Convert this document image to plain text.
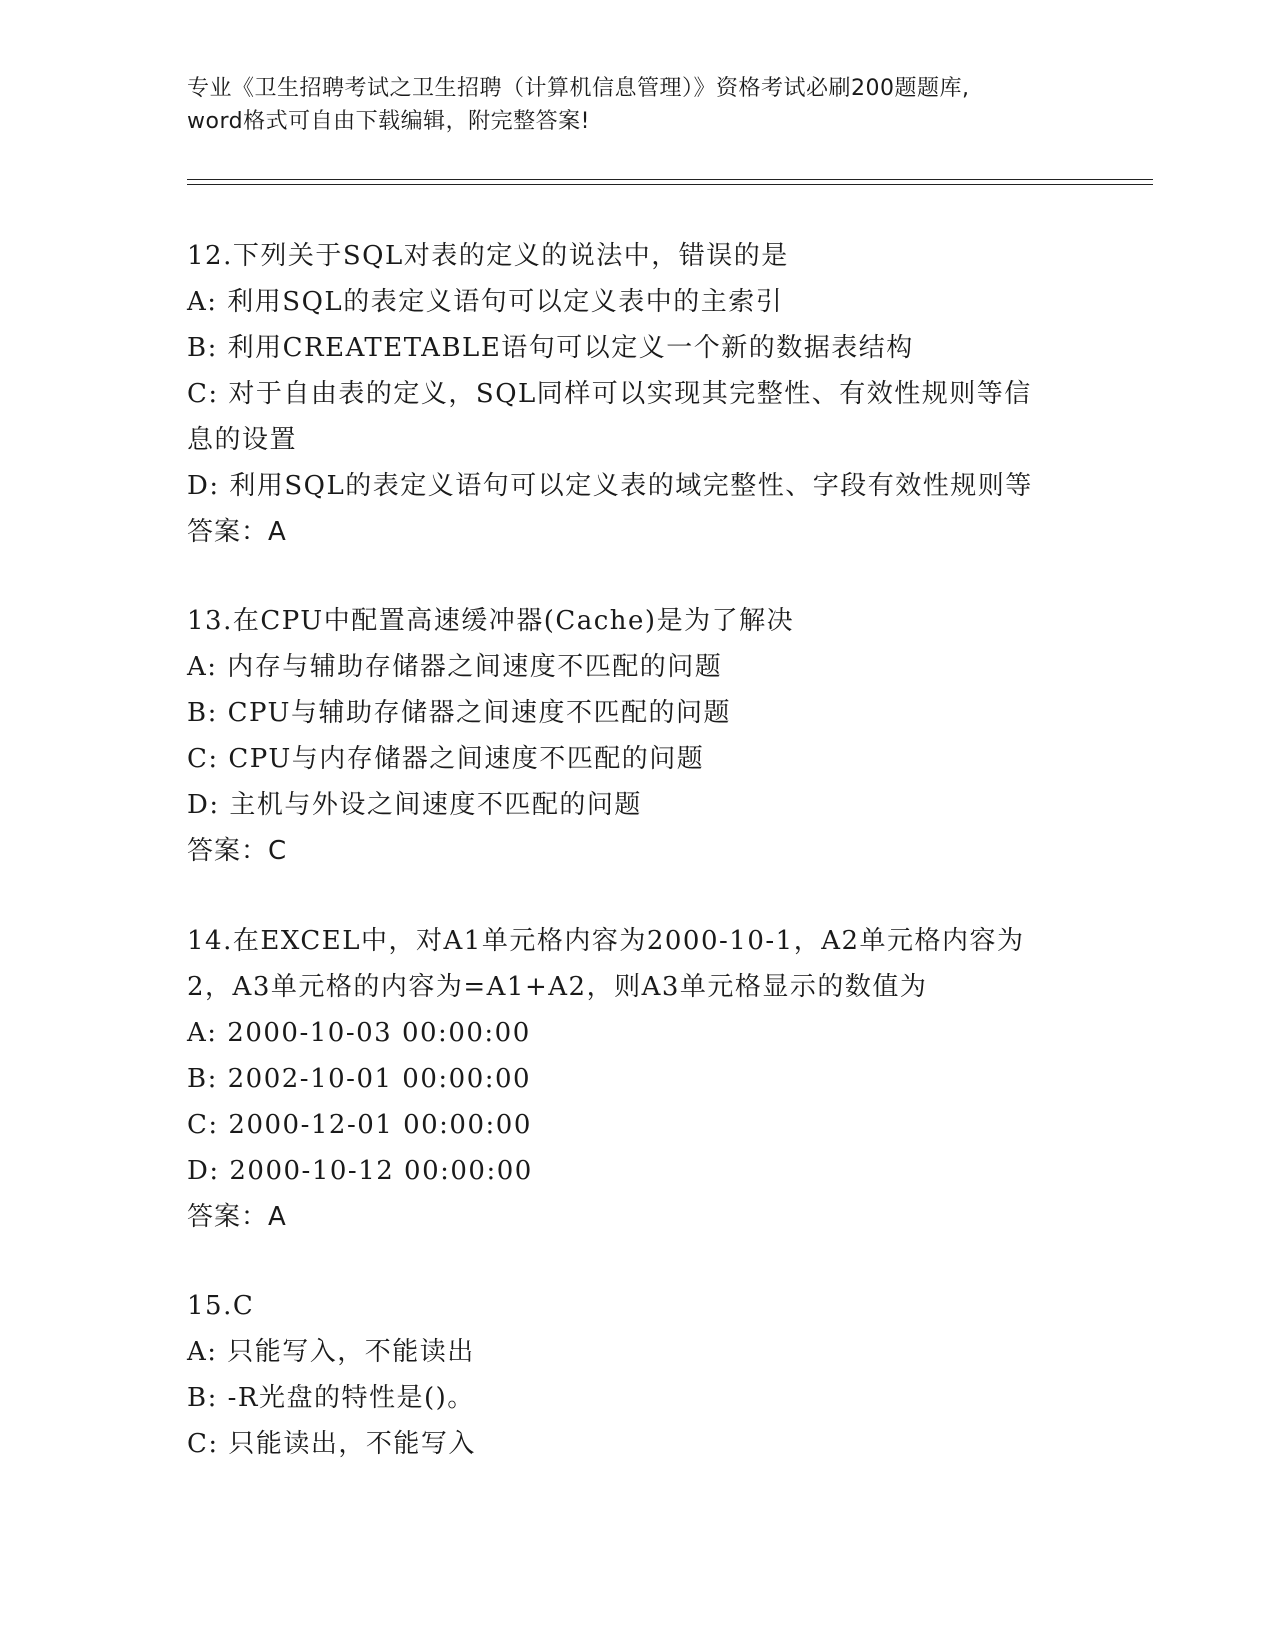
专业《卫生招聘考试之卫生招聘（计算机信息管理）》资格考试必刷200题题库,
word格式可自由下载编辑，附完整答案!
12.下列关于SQL对表的定义的说法中，错误的是
A: 利用SQL的表定义语句可以定义表中的主索引
B: 利用CREATETABLE语句可以定义一个新的数据表结构
C: 对于自由表的定义，SQL同样可以实现其完整性、有效性规则等信息的设置
D: 利用SQL的表定义语句可以定义表的域完整性、字段有效性规则等
答案：A
13.在CPU中配置高速缓冲器(Cache)是为了解决
A: 内存与辅助存储器之间速度不匹配的问题
B: CPU与辅助存储器之间速度不匹配的问题
C: CPU与内存储器之间速度不匹配的问题
D: 主机与外设之间速度不匹配的问题
答案：C
14.在EXCEL中，对A1单元格内容为2000-10-1，A2单元格内容为2，A3单元格的内容为=A1+A2，则A3单元格显示的数值为
A: 2000-10-03 00:00:00
B: 2002-10-01 00:00:00
C: 2000-12-01 00:00:00
D: 2000-10-12 00:00:00
答案：A
15.C
A: 只能写入，不能读出
B: -R光盘的特性是()。
C: 只能读出，不能写入
